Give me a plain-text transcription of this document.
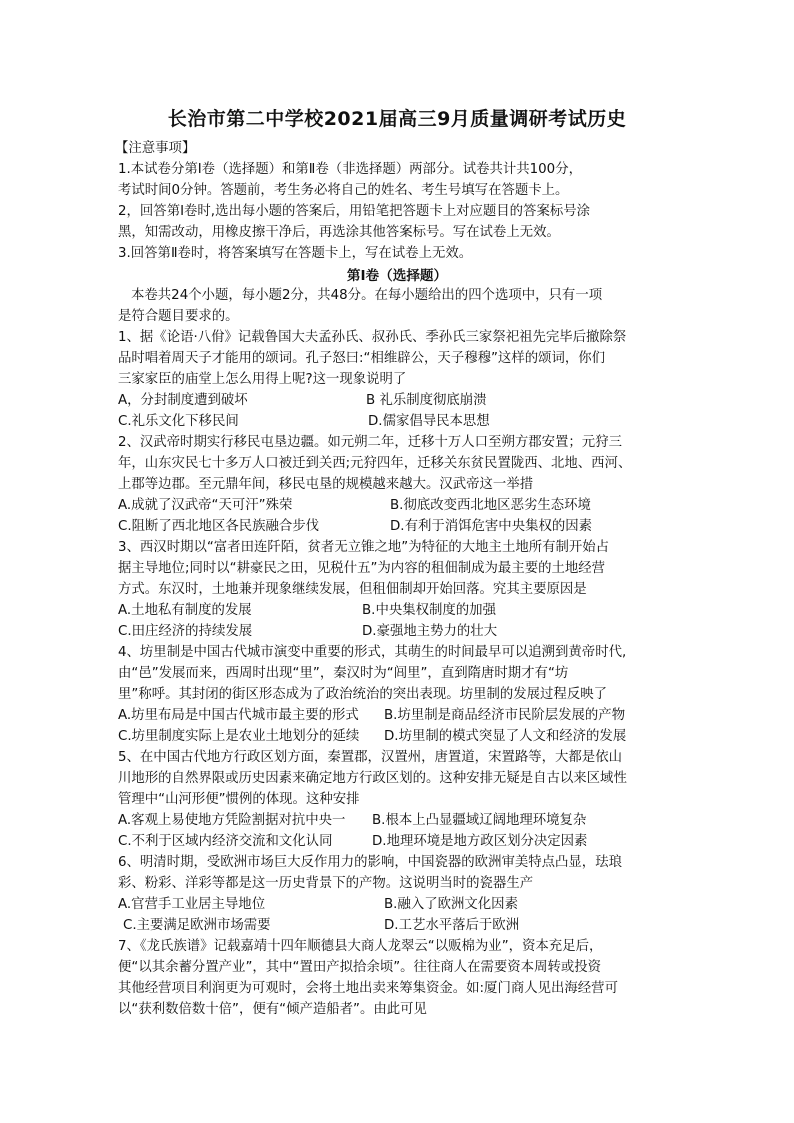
长治市第二中学校2021届高三9月质量调研考试历史
【注意事项】
1.本试卷分第Ⅰ卷（选择题）和第Ⅱ卷（非选择题）两部分。试卷共计共100分，
考试时间0分钟。答题前，考生务必将自己的姓名、考生号填写在答题卡上。
2，回答第Ⅰ卷时,选出每小题的答案后，用铅笔把答题卡上对应题目的答案标号涂
黑，知需改动，用橡皮擦干净后，再选涂其他答案标号。写在试卷上无效。
3.回答第Ⅱ卷时，将答案填写在答题卡上，写在试卷上无效。
第Ⅰ卷（选择题）
本卷共24个小题，每小题2分，共48分。在每小题给出的四个选项中，只有一项
是符合题目要求的。
1、据《论语·八佾》记载鲁国大夫孟孙氏、叔孙氏、季孙氏三家祭祀祖先完毕后撤除祭
品时唱着周天子才能用的颂词。孔子怒曰:“相维辟公，天子穆穆”这样的颂词，你们
三家家臣的庙堂上怎么用得上呢?这一现象说明了
A，分封制度遭到破坏	B 礼乐制度彻底崩溃
C.礼乐文化下移民间	D.儒家倡导民本思想
2、汉武帝时期实行移民屯垦边疆。如元朔二年，迁移十万人口至朔方郡安置；元狩三
年，山东灾民七十多万人口被迁到关西;元狩四年，迁移关东贫民置陇西、北地、西河、
上郡等边郡。至元鼎年间，移民屯垦的规模越来越大。汉武帝这一举措
A.成就了汉武帝“天可汗”殊荣	B.彻底改变西北地区恶劣生态环境
C.阻断了西北地区各民族融合步伐	D.有利于消饵危害中央集权的因素
3、西汉时期以“富者田连阡陌，贫者无立锥之地”为特征的大地主土地所有制开始占
据主导地位;同时以“耕豪民之田，见税什五”为内容的租佃制成为最主要的土地经营
方式。东汉时，土地兼并现象继续发展，但租佃制却开始回落。究其主要原因是
A.土地私有制度的发展	B.中央集权制度的加强
C.田庄经济的持续发展	D.豪强地主势力的壮大
4、坊里制是中国古代城市演变中重要的形式，其萌生的时间最早可以追溯到黄帝时代,
由“邑”发展而来，西周时出现“里”，秦汉时为“闾里”，直到隋唐时期才有“坊
里”称呼。其封闭的街区形态成为了政治统治的突出表现。坊里制的发展过程反映了
A.坊里布局是中国古代城市最主要的形式 B.坊里制是商品经济市民阶层发展的产物
C.坊里制度实际上是农业土地划分的延续 D.坊里制的模式突显了人文和经济的发展
5、在中国古代地方行政区划方面，秦置郡，汉置州，唐置道，宋置路等，大都是依山
川地形的自然界限或历史因素来确定地方行政区划的。这种安排无疑是自古以来区域性
管理中“山河形便”惯例的体现。这种安排
A.客观上易使地方凭险割据对抗中央一 B.根本上凸显疆域辽阔地理环境复杂
C.不利于区域内经济交流和文化认同	D.地理环境是地方政区划分决定因素
6、明清时期，受欧洲市场巨大反作用力的影响，中国瓷器的欧洲审美特点凸显，珐琅
彩、粉彩、洋彩等都是这一历史背景下的产物。这说明当时的瓷器生产
A.官营手工业居主导地位	B.融入了欧洲文化因素
C.主要满足欧洲市场需要	D.工艺水平落后于欧洲
7、《龙氏族谱》记载嘉靖十四年顺德县大商人龙翠云“以贩棉为业”，资本充足后，
便“以其余蓄分置产业”，其中“置田产拟拾余顷”。往往商人在需要资本周转或投资
其他经营项目利润更为可观时，会将土地出卖来筹集资金。如:厦门商人见出海经营可
以“获利数倍数十倍”，便有“倾产造船者”。由此可见
